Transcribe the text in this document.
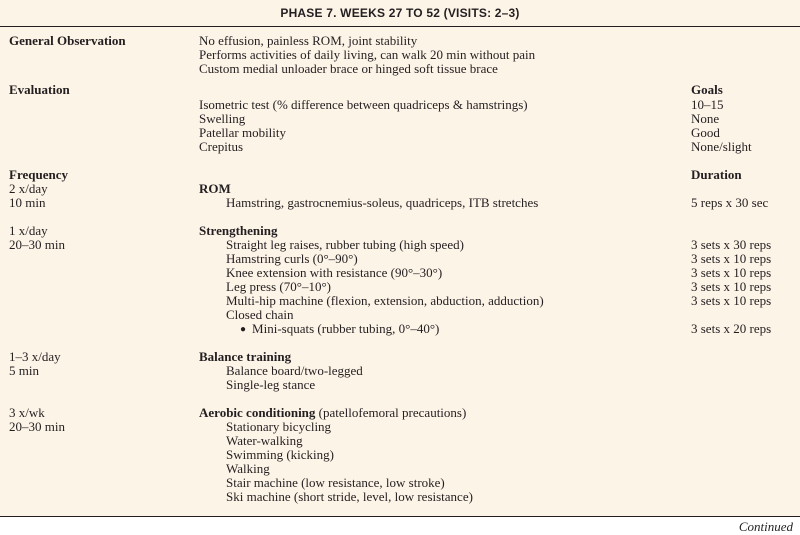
PHASE 7. WEEKS 27 TO 52 (VISITS: 2–3)
General Observation	No effusion, painless ROM, joint stability
Performs activities of daily living, can walk 20 min without pain
Custom medial unloader brace or hinged soft tissue brace
Evaluation	Goals
Isometric test (% difference between quadriceps & hamstrings)	10–15
Swelling	None
Patellar mobility	Good
Crepitus	None/slight
Frequency	Duration
2 x/day	ROM
10 min	Hamstring, gastrocnemius-soleus, quadriceps, ITB stretches	5 reps x 30 sec
1 x/day	Strengthening
20–30 min	Straight leg raises, rubber tubing (high speed)	3 sets x 30 reps
Hamstring curls (0°–90°)	3 sets x 10 reps
Knee extension with resistance (90°–30°)	3 sets x 10 reps
Leg press (70°–10°)	3 sets x 10 reps
Multi-hip machine (flexion, extension, abduction, adduction)	3 sets x 10 reps
Closed chain
● Mini-squats (rubber tubing, 0°–40°)	3 sets x 20 reps
1–3 x/day	Balance training
5 min	Balance board/two-legged
Single-leg stance
3 x/wk	Aerobic conditioning (patellofemoral precautions)
20–30 min	Stationary bicycling
Water-walking
Swimming (kicking)
Walking
Stair machine (low resistance, low stroke)
Ski machine (short stride, level, low resistance)
Continued
